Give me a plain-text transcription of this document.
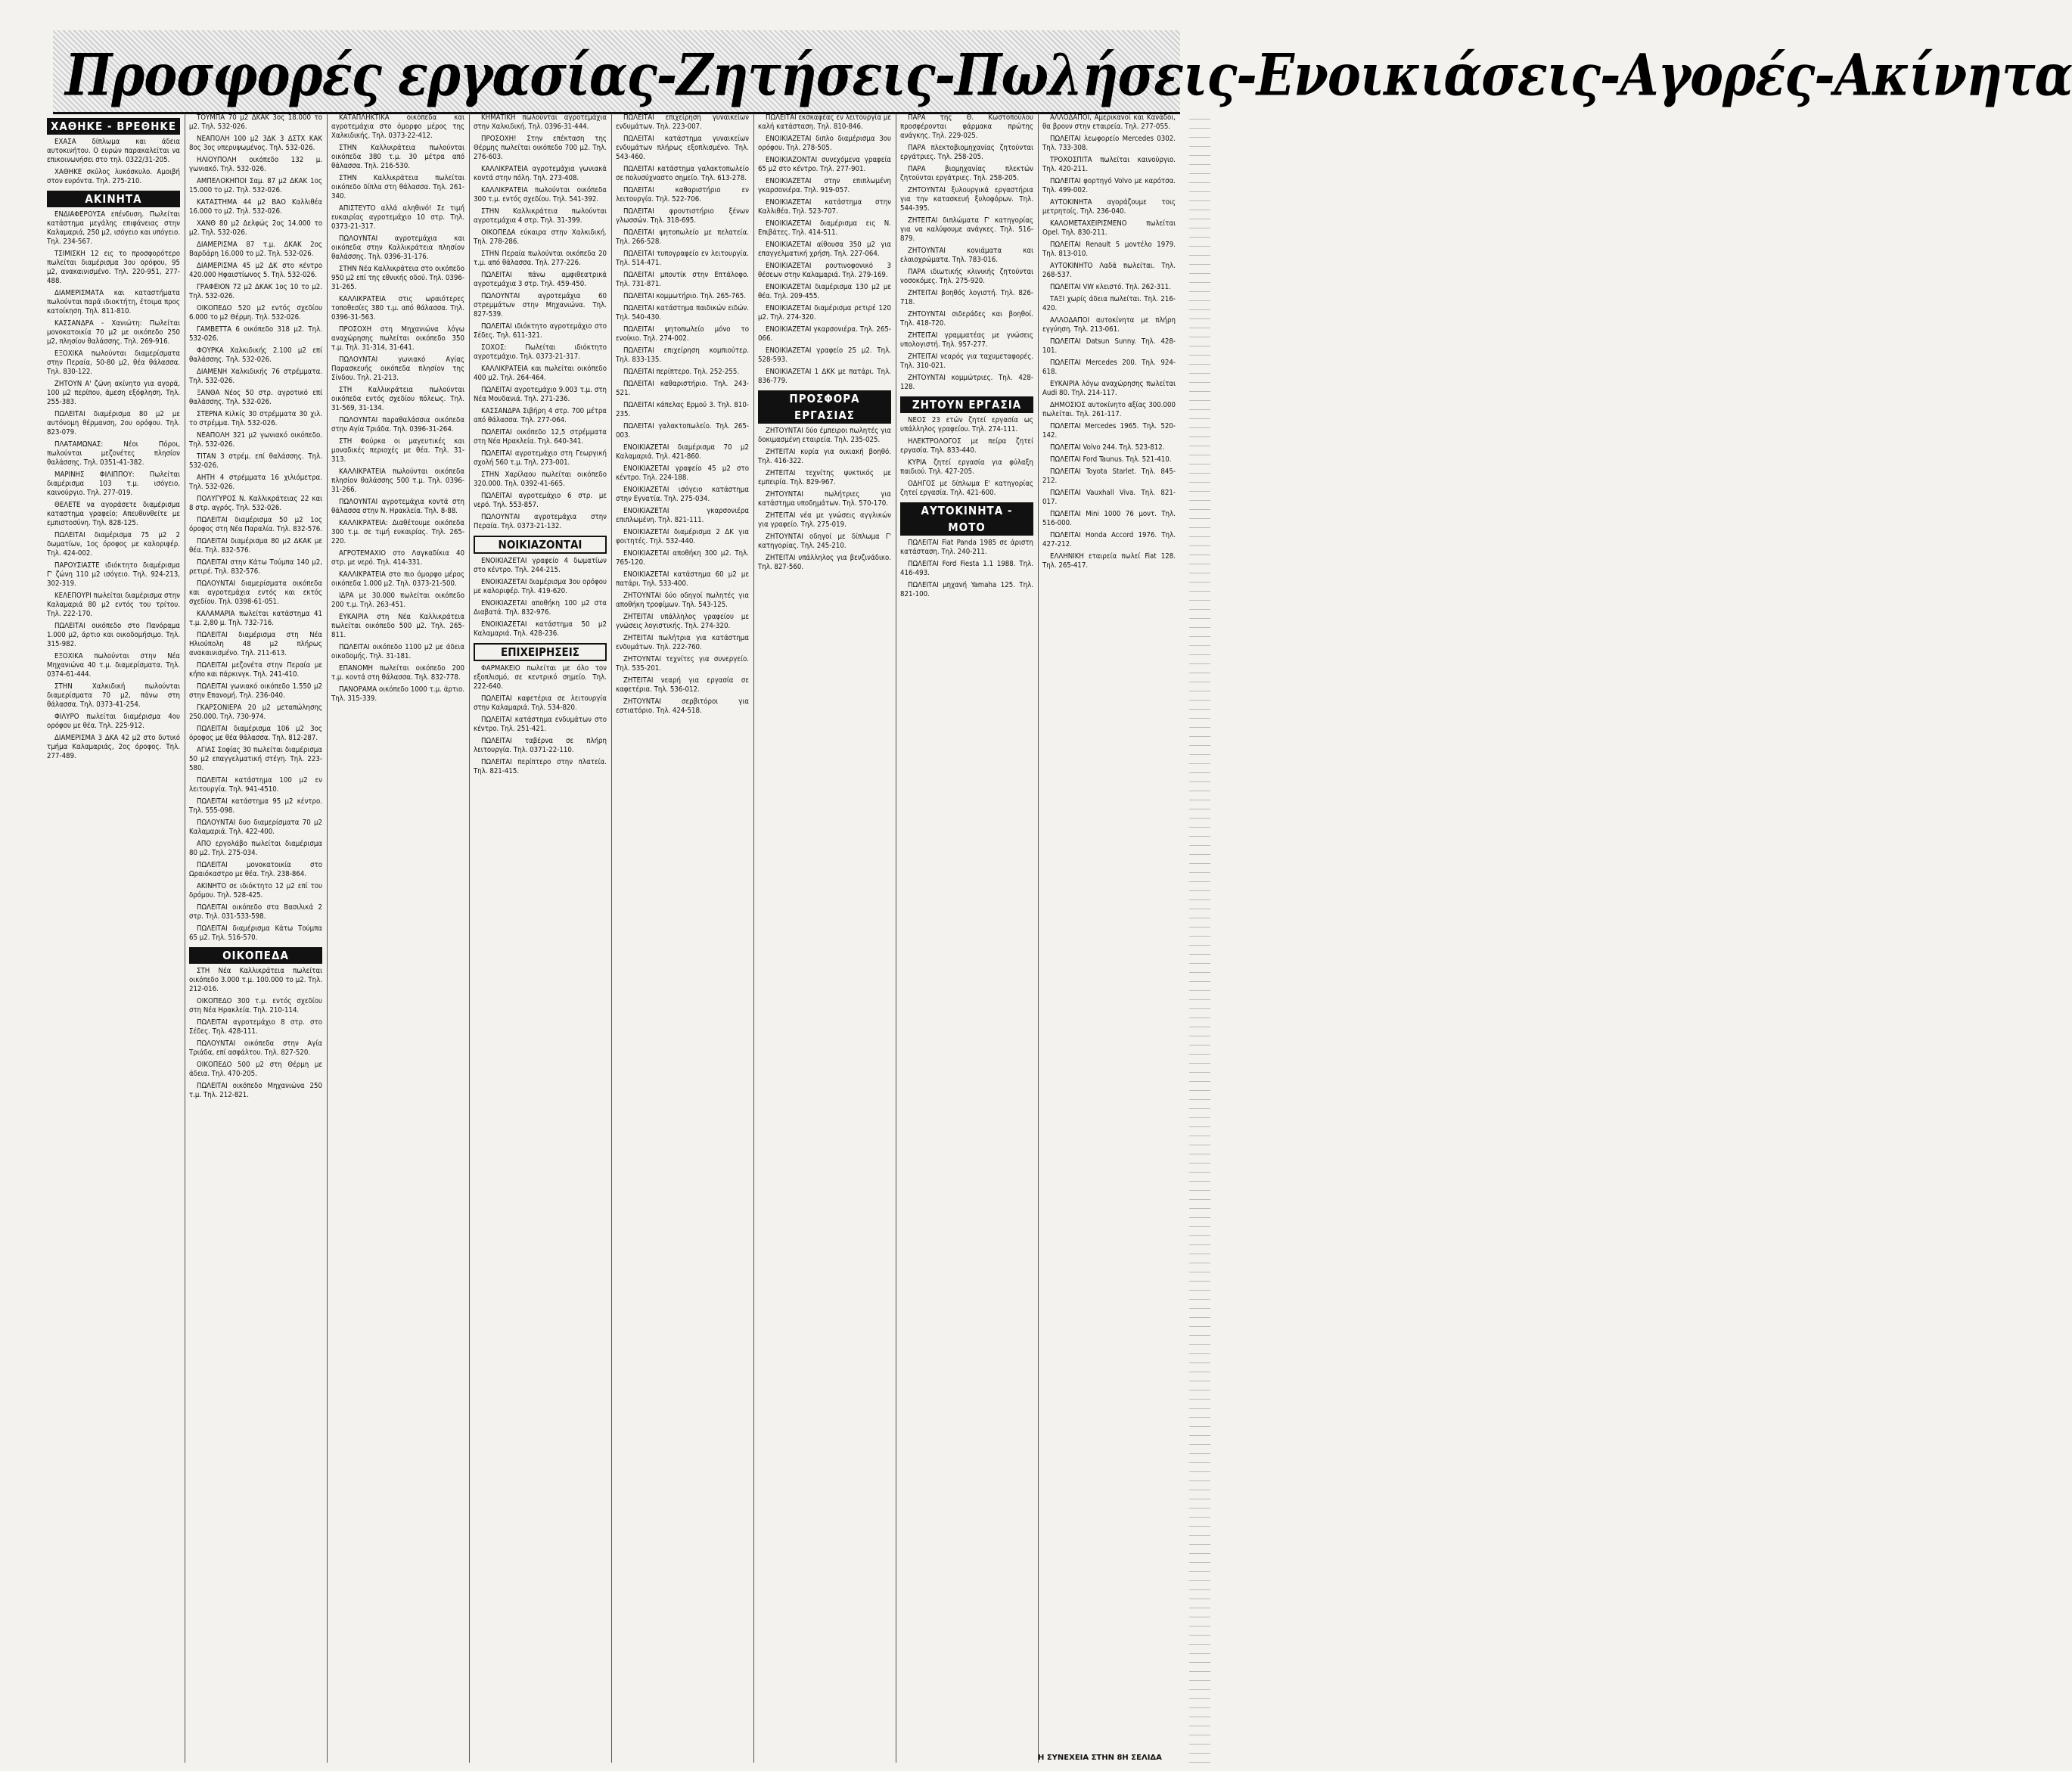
Προσφορές εργασίας-Ζητήσεις-Πωλήσεις-Ενοικιάσεις-Αγορές-Ακίνητα
ΧΑΘΗΚΕ - ΒΡΕΘΗΚΕ
ΕΧΑΣΑ δίπλωμα και άδεια αυτοκινήτου. Ο ευρών παρακαλείται να επικοινωνήσει στο τηλ. 0322/31-205.
ΧΑΘΗΚΕ σκύλος λυκόσκυλο. Αμοιβή στον ευρόντα. Τηλ. 275-210.
ΑΚΙΝΗΤΑ
ΕΝΔΙΑΦΕΡΟΥΣΑ επένδυση. Πωλείται κατάστημα μεγάλης επιφάνειας στην Καλαμαριά, 250 μ2, ισόγειο και υπόγειο. Τηλ. 234-567.
ΤΣΙΜΙΣΚΗ 12 εις το προσφορότερο πωλείται διαμέρισμα 3ου ορόφου, 95 μ2, ανακαινισμένο. Τηλ. 220-951, 277-488.
ΔΙΑΜΕΡΙΣΜΑΤΑ και καταστήματα πωλούνται παρά ιδιοκτήτη, έτοιμα προς κατοίκηση. Τηλ. 811-810.
ΚΑΣΣΑΝΔΡΑ - Χανιώτη: Πωλείται μονοκατοικία 70 μ2 με οικόπεδο 250 μ2, πλησίον θαλάσσης. Τηλ. 269-916.
ΕΞΟΧΙΚΑ πωλούνται διαμερίσματα στην Περαία, 50-80 μ2, θέα θάλασσα. Τηλ. 830-122.
ΖΗΤΟΥΝ Α' ζώνη ακίνητο για αγορά, 100 μ2 περίπου, άμεση εξόφληση. Τηλ. 255-383.
ΠΩΛΕΙΤΑΙ διαμέρισμα 80 μ2 με αυτόνομη θέρμανση, 2ου ορόφου. Τηλ. 823-079.
ΠΛΑΤΑΜΩΝΑΣ: Νέοι Πόροι, πωλούνται μεζονέτες πλησίον θαλάσσης. Τηλ. 0351-41-382.
ΜΑΡΙΝΗΣ ΦΙΛΙΠΠΟΥ: Πωλείται διαμέρισμα 103 τ.μ. ισόγειο, καινούργιο. Τηλ. 277-019.
ΘΕΛΕΤΕ να αγοράσετε διαμέρισμα καταστημα γραφείο; Απευθυνθείτε με εμπιστοσύνη. Τηλ. 828-125.
ΠΩΛΕΙΤΑΙ διαμέρισμα 75 μ2 2 δωματίων, 1ος όροφος με καλοριφέρ. Τηλ. 424-002.
ΠΑΡΟΥΣΙΑΣΤΕ ιδιόκτητο διαμέρισμα Γ' ζώνη 110 μ2 ισόγειο. Τηλ. 924-213, 302-319.
ΚΕΛΕΠΟΥΡΙ πωλείται διαμέρισμα στην Καλαμαριά 80 μ2 εντός του τρίτου. Τηλ. 222-170.
ΠΩΛΕΙΤΑΙ οικόπεδο στο Πανόραμα 1.000 μ2, άρτιο και οικοδομήσιμο. Τηλ. 315-982.
ΕΞΟΧΙΚΑ πωλούνται στην Νέα Μηχανιώνα 40 τ.μ. διαμερίσματα. Τηλ. 0374-61-444.
ΣΤΗΝ Χαλκιδική πωλούνται διαμερίσματα 70 μ2, πάνω στη θάλασσα. Τηλ. 0373-41-254.
ΦΙΛΥΡΟ πωλείται διαμέρισμα 4ου ορόφου με θέα. Τηλ. 225-912.
ΔΙΑΜΕΡΙΣΜΑ 3 ΔΚΑ 42 μ2 στο δυτικό τμήμα Καλαμαριάς, 2ος όροφος. Τηλ. 277-489.
ΤΟΥΜΠΑ 70 μ2 ΔΚΑΚ 3ος 18.000 το μ2. Τηλ. 532-026.
ΝΕΑΠΟΛΗ 100 μ2 3ΔΚ 3 ΔΣΤΧ ΚΑΚ 8ος 3ος υπερυψωμένος. Τηλ. 532-026.
ΗΛΙΟΥΠΟΛΗ οικόπεδο 132 μ. γωνιακό. Τηλ. 532-026.
ΑΜΠΕΛΟΚΗΠΟΙ Σαμ. 87 μ2 ΔΚΑΚ 1ος 15.000 το μ2. Τηλ. 532-026.
ΚΑΤΑΣΤΗΜΑ 44 μ2 ΒΑΟ Καλλιθέα 16.000 το μ2. Τηλ. 532-026.
ΧΑΝΘ 80 μ2 Δελφώς 2ος 14.000 το μ2. Τηλ. 532-026.
ΔΙΑΜΕΡΙΣΜΑ 87 τ.μ. ΔΚΑΚ 2ος Βαρδάρη 16.000 το μ2. Τηλ. 532-026.
ΔΙΑΜΕΡΙΣΜΑ 45 μ2 ΔΚ στο κέντρο 420.000 Ηφαιστίωνος 5. Τηλ. 532-026.
ΓΡΑΦΕΙΟΝ 72 μ2 ΔΚΑΚ 1ος 10 το μ2. Τηλ. 532-026.
ΟΙΚΟΠΕΔΟ 520 μ2 εντός σχεδίου 6.000 το μ2 Θέρμη. Τηλ. 532-026.
ΓΑΜΒΕΤΤΑ 6 οικόπεδο 318 μ2. Τηλ. 532-026.
ΦΟΥΡΚΑ Χαλκιδικής 2.100 μ2 επί θαλάσσης. Τηλ. 532-026.
ΔΙΑΜΕΝΗ Χαλκιδικής 76 στρέμματα. Τηλ. 532-026.
ΞΑΝΘΑ Νέος 50 στρ. αγροτικό επί θαλάσσης. Τηλ. 532-026.
ΣΤΕΡΝΑ Κιλκίς 30 στρέμματα 30 χιλ. το στρέμμα. Τηλ. 532-026.
ΝΕΑΠΟΛΗ 321 μ2 γωνιακό οικόπεδο. Τηλ. 532-026.
ΤΙΤΑΝ 3 στρέμ. επί θαλάσσης. Τηλ. 532-026.
ΑΗΤΗ 4 στρέμματα 16 χιλιόμετρα. Τηλ. 532-026.
ΠΟΛΥΓΥΡΟΣ Ν. Καλλικράτειας 22 και 8 στρ. αγρός. Τηλ. 532-026.
ΠΩΛΕΙΤΑΙ διαμέρισμα 50 μ2 1ος όροφος στη Νέα Παραλία. Τηλ. 832-576.
ΠΩΛΕΙΤΑΙ διαμέρισμα 80 μ2 ΔΚΑΚ με θέα. Τηλ. 832-576.
ΠΩΛΕΙΤΑΙ στην Κάτω Τούμπα 140 μ2, ρετιρέ. Τηλ. 832-576.
ΠΩΛΟΥΝΤΑΙ διαμερίσματα οικόπεδα και αγροτεμάχια εντός και εκτός σχεδίου. Τηλ. 0398-61-051.
ΚΑΛΑΜΑΡΙΑ πωλείται κατάστημα 41 τ.μ. 2,80 μ. Τηλ. 732-716.
ΠΩΛΕΙΤΑΙ διαμέρισμα στη Νέα Ηλιούπολη 48 μ2 πλήρως ανακαινισμένο. Τηλ. 211-613.
ΠΩΛΕΙΤΑΙ μεζονέτα στην Περαία με κήπο και πάρκινγκ. Τηλ. 241-410.
ΠΩΛΕΙΤΑΙ γωνιακό οικόπεδο 1.550 μ2 στην Επανομή. Τηλ. 236-040.
ΓΚΑΡΣΟΝΙΕΡΑ 20 μ2 μεταπώλησης 250.000. Τηλ. 730-974.
ΠΩΛΕΙΤΑΙ διαμέρισμα 106 μ2 3ος όροφος με θέα θάλασσα. Τηλ. 812-287.
ΑΓΙΑΣ Σοφίας 30 πωλείται διαμέρισμα 50 μ2 επαγγελματική στέγη. Τηλ. 223-580.
ΠΩΛΕΙΤΑΙ κατάστημα 100 μ2 εν λειτουργία. Τηλ. 941-4510.
ΠΩΛΕΙΤΑΙ κατάστημα 95 μ2 κέντρο. Τηλ. 555-098.
ΠΩΛΟΥΝΤΑΙ δυο διαμερίσματα 70 μ2 Καλαμαριά. Τηλ. 422-400.
ΑΠΟ εργολάβο πωλείται διαμέρισμα 80 μ2. Τηλ. 275-034.
ΠΩΛΕΙΤΑΙ μονοκατοικία στο Ωραιόκαστρο με θέα. Τηλ. 238-864.
ΑΚΙΝΗΤΟ σε ιδιόκτητο 12 μ2 επί του δρόμου. Τηλ. 528-425.
ΠΩΛΕΙΤΑΙ οικόπεδο στα Βασιλικά 2 στρ. Τηλ. 031-533-598.
ΠΩΛΕΙΤΑΙ διαμέρισμα Κάτω Τούμπα 65 μ2. Τηλ. 516-570.
ΟΙΚΟΠΕΔΑ
ΣΤΗ Νέα Καλλικράτεια πωλείται οικόπεδο 3.000 τ.μ. 100.000 το μ2. Τηλ. 212-016.
ΟΙΚΟΠΕΔΟ 300 τ.μ. εντός σχεδίου στη Νέα Ηρακλεία. Τηλ. 210-114.
ΠΩΛΕΙΤΑΙ αγροτεμάχιο 8 στρ. στο Σέδες. Τηλ. 428-111.
ΠΩΛΟΥΝΤΑΙ οικόπεδα στην Αγία Τριάδα, επί ασφάλτου. Τηλ. 827-520.
ΟΙΚΟΠΕΔΟ 500 μ2 στη Θέρμη με άδεια. Τηλ. 470-205.
ΠΩΛΕΙΤΑΙ οικόπεδο Μηχανιώνα 250 τ.μ. Τηλ. 212-821.
ΚΑΤΑΠΛΗΚΤΙΚΑ οικόπεδα και αγροτεμάχια στο όμορφο μέρος της Χαλκιδικής. Τηλ. 0373-22-412.
ΣΤΗΝ Καλλικράτεια πωλούνται οικόπεδα 380 τ.μ. 30 μέτρα από θάλασσα. Τηλ. 216-530.
ΣΤΗΝ Καλλικράτεια πωλείται οικόπεδο δίπλα στη θάλασσα. Τηλ. 261-340.
ΑΠΙΣΤΕΥΤΟ αλλά αληθινό! Σε τιμή ευκαιρίας αγροτεμάχιο 10 στρ. Τηλ. 0373-21-317.
ΠΩΛΟΥΝΤΑΙ αγροτεμάχια και οικόπεδα στην Καλλικράτεια πλησίον θαλάσσης. Τηλ. 0396-31-176.
ΣΤΗΝ Νέα Καλλικράτεια στο οικόπεδο 950 μ2 επί της εθνικής οδού. Τηλ. 0396-31-265.
ΚΑΛΛΙΚΡΑΤΕΙΑ στις ωραιότερες τοποθεσίες 380 τ.μ. από θάλασσα. Τηλ. 0396-31-563.
ΠΡΟΣΟΧΗ στη Μηχανιώνα λόγω αναχώρησης πωλείται οικόπεδο 350 τ.μ. Τηλ. 31-314, 31-641.
ΠΩΛΟΥΝΤΑΙ γωνιακό Αγίας Παρασκευής οικόπεδα πλησίον της Σίνδου. Τηλ. 21-213.
ΣΤΗ Καλλικράτεια πωλούνται οικόπεδα εντός σχεδίου πόλεως. Τηλ. 31-569, 31-134.
ΠΩΛΟΥΝΤΑΙ παραθαλάσσια οικόπεδα στην Αγία Τριάδα. Τηλ. 0396-31-264.
ΣΤΗ Φούρκα οι μαγευτικές και μοναδικές περιοχές με θέα. Τηλ. 31-313.
ΚΑΛΛΙΚΡΑΤΕΙΑ πωλούνται οικόπεδα πλησίον θαλάσσης 500 τ.μ. Τηλ. 0396-31-266.
ΠΩΛΟΥΝΤΑΙ αγροτεμάχια κοντά στη θάλασσα στην Ν. Ηρακλεία. Τηλ. 8-88.
ΚΑΛΛΙΚΡΑΤΕΙΑ: Διαθέτουμε οικόπεδα 300 τ.μ. σε τιμή ευκαιρίας. Τηλ. 265-220.
ΑΓΡΟΤΕΜΑΧΙΟ στο Λαγκαδίκια 40 στρ. με νερό. Τηλ. 414-331.
ΚΑΛΛΙΚΡΑΤΕΙΑ στο πιο όμορφο μέρος οικόπεδα 1.000 μ2. Τηλ. 0373-21-500.
ΙΔΡΑ με 30.000 πωλείται οικόπεδο 200 τ.μ. Τηλ. 263-451.
ΕΥΚΑΙΡΙΑ στη Νέα Καλλικράτεια πωλείται οικόπεδο 500 μ2. Τηλ. 265-811.
ΠΩΛΕΙΤΑΙ οικόπεδο 1100 μ2 με άδεια οικοδομής. Τηλ. 31-181.
ΕΠΑΝΟΜΗ πωλείται οικόπεδο 200 τ.μ. κοντά στη θάλασσα. Τηλ. 832-778.
ΠΑΝΟΡΑΜΑ οικόπεδο 1000 τ.μ. άρτιο. Τηλ. 315-339.
ΚΗΜΑΤΙΚΗ πωλούνται αγροτεμάχια στην Χαλκιδική. Τηλ. 0396-31-444.
ΠΡΟΣΟΧΗ! Στην επέκταση της Θέρμης πωλείται οικόπεδο 700 μ2. Τηλ. 276-603.
ΚΑΛΛΙΚΡΑΤΕΙΑ αγροτεμάχια γωνιακά κοντά στην πόλη. Τηλ. 273-408.
ΚΑΛΛΙΚΡΑΤΕΙΑ πωλούνται οικόπεδα 300 τ.μ. εντός σχεδίου. Τηλ. 541-392.
ΣΤΗΝ Καλλικράτεια πωλούνται αγροτεμάχια 4 στρ. Τηλ. 31-399.
ΟΙΚΟΠΕΔΑ εύκαιρα στην Χαλκιδική. Τηλ. 278-286.
ΣΤΗΝ Περαία πωλούνται οικόπεδα 20 τ.μ. από θάλασσα. Τηλ. 277-226.
ΠΩΛΕΙΤΑΙ πάνω αμφιθεατρικά αγροτεμάχια 3 στρ. Τηλ. 459-450.
ΠΩΛΟΥΝΤΑΙ αγροτεμάχια 60 στρεμμάτων στην Μηχανιώνα. Τηλ. 827-539.
ΠΩΛΕΙΤΑΙ ιδιόκτητο αγροτεμάχιο στο Σέδες. Τηλ. 611-321.
ΣΟΧΟΣ: Πωλείται ιδιόκτητο αγροτεμάχιο. Τηλ. 0373-21-317.
ΚΑΛΛΙΚΡΑΤΕΙΑ και πωλείται οικόπεδο 400 μ2. Τηλ. 264-464.
ΠΩΛΕΙΤΑΙ αγροτεμάχιο 9.003 τ.μ. στη Νέα Μουδανιά. Τηλ. 271-236.
ΚΑΣΣΑΝΔΡΑ Σιβήρη 4 στρ. 700 μέτρα από θάλασσα. Τηλ. 277-064.
ΠΩΛΕΙΤΑΙ οικόπεδο 12,5 στρέμματα στη Νέα Ηρακλεία. Τηλ. 640-341.
ΠΩΛΕΙΤΑΙ αγροτεμάχιο στη Γεωργική σχολή 560 τ.μ. Τηλ. 273-001.
ΣΤΗΝ Χαρίλαου πωλείται οικόπεδο 320.000. Τηλ. 0392-41-665.
ΠΩΛΕΙΤΑΙ αγροτεμάχιο 6 στρ. με νερό. Τηλ. 553-857.
ΠΩΛΟΥΝΤΑΙ αγροτεμάχια στην Περαία. Τηλ. 0373-21-132.
ΝΟΙΚΙΑΖΟΝΤΑΙ
ΕΝΟΙΚΙΑΖΕΤΑΙ γραφείο 4 δωματίων στο κέντρο. Τηλ. 244-215.
ΕΝΟΙΚΙΑΖΕΤΑΙ διαμέρισμα 3ου ορόφου με καλοριφέρ. Τηλ. 419-620.
ΕΝΟΙΚΙΑΖΕΤΑΙ αποθήκη 100 μ2 στα Διαβατά. Τηλ. 832-976.
ΕΝΟΙΚΙΑΖΕΤΑΙ κατάστημα 50 μ2 Καλαμαριά. Τηλ. 428-236.
ΕΠΙΧΕΙΡΗΣΕΙΣ
ΦΑΡΜΑΚΕΙΟ πωλείται με όλο τον εξοπλισμό, σε κεντρικό σημείο. Τηλ. 222-640.
ΠΩΛΕΙΤΑΙ καφετέρια σε λειτουργία στην Καλαμαριά. Τηλ. 534-820.
ΠΩΛΕΙΤΑΙ κατάστημα ενδυμάτων στο κέντρο. Τηλ. 251-421.
ΠΩΛΕΙΤΑΙ ταβέρνα σε πλήρη λειτουργία. Τηλ. 0371-22-110.
ΠΩΛΕΙΤΑΙ περίπτερο στην πλατεία. Τηλ. 821-415.
ΠΩΛΕΙΤΑΙ επιχείρηση γυναικείων ενδυμάτων. Τηλ. 223-007.
ΠΩΛΕΙΤΑΙ κατάστημα γυναικείων ενδυμάτων πλήρως εξοπλισμένο. Τηλ. 543-460.
ΠΩΛΕΙΤΑΙ κατάστημα γαλακτοπωλείο σε πολυσύχναστο σημείο. Τηλ. 613-278.
ΠΩΛΕΙΤΑΙ καθαριστήριο εν λειτουργία. Τηλ. 522-706.
ΠΩΛΕΙΤΑΙ φροντιστήριο ξένων γλωσσών. Τηλ. 318-695.
ΠΩΛΕΙΤΑΙ ψητοπωλείο με πελατεία. Τηλ. 266-528.
ΠΩΛΕΙΤΑΙ τυπογραφείο εν λειτουργία. Τηλ. 514-471.
ΠΩΛΕΙΤΑΙ μπουτίκ στην Επτάλοφο. Τηλ. 731-871.
ΠΩΛΕΙΤΑΙ κομμωτήριο. Τηλ. 265-765.
ΠΩΛΕΙΤΑΙ κατάστημα παιδικών ειδών. Τηλ. 540-430.
ΠΩΛΕΙΤΑΙ ψητοπωλείο μόνο το ενοίκιο. Τηλ. 274-002.
ΠΩΛΕΙΤΑΙ επιχείρηση κομπιούτερ. Τηλ. 833-135.
ΠΩΛΕΙΤΑΙ περίπτερο. Τηλ. 252-255.
ΠΩΛΕΙΤΑΙ καθαριστήριο. Τηλ. 243-521.
ΠΩΛΕΙΤΑΙ κάπελας Ερμού 3. Τηλ. 810-235.
ΠΩΛΕΙΤΑΙ γαλακτοπωλείο. Τηλ. 265-003.
ΕΝΟΙΚΙΑΖΕΤΑΙ διαμέρισμα 70 μ2 Καλαμαριά. Τηλ. 421-860.
ΕΝΟΙΚΙΑΖΕΤΑΙ γραφείο 45 μ2 στο κέντρο. Τηλ. 224-188.
ΕΝΟΙΚΙΑΖΕΤΑΙ ισόγειο κατάστημα στην Εγνατία. Τηλ. 275-034.
ΕΝΟΙΚΙΑΖΕΤΑΙ γκαρσονιέρα επιπλωμένη. Τηλ. 821-111.
ΕΝΟΙΚΙΑΖΕΤΑΙ διαμέρισμα 2 ΔΚ για φοιτητές. Τηλ. 532-440.
ΕΝΟΙΚΙΑΖΕΤΑΙ αποθήκη 300 μ2. Τηλ. 765-120.
ΕΝΟΙΚΙΑΖΕΤΑΙ κατάστημα 60 μ2 με πατάρι. Τηλ. 533-400.
ΖΗΤΟΥΝΤΑΙ δύο οδηγοί πωλητές για αποθήκη τροφίμων. Τηλ. 543-125.
ΖΗΤΕΙΤΑΙ υπάλληλος γραφείου με γνώσεις λογιστικής. Τηλ. 274-320.
ΖΗΤΕΙΤΑΙ πωλήτρια για κατάστημα ενδυμάτων. Τηλ. 222-760.
ΖΗΤΟΥΝΤΑΙ τεχνίτες για συνεργείο. Τηλ. 535-201.
ΖΗΤΕΙΤΑΙ νεαρή για εργασία σε καφετέρια. Τηλ. 536-012.
ΖΗΤΟΥΝΤΑΙ σερβιτόροι για εστιατόριο. Τηλ. 424-518.
ΠΩΛΕΙΤΑΙ εκσκαφέας εν λειτουργία με καλή κατάσταση. Τηλ. 810-846.
ΕΝΟΙΚΙΑΖΕΤΑΙ διπλο διαμέρισμα 3ου ορόφου. Τηλ. 278-505.
ΕΝΟΙΚΙΑΖΟΝΤΑΙ συνεχόμενα γραφεία 65 μ2 στο κέντρο. Τηλ. 277-901.
ΕΝΟΙΚΙΑΖΕΤΑΙ στην επιπλωμένη γκαρσονιέρα. Τηλ. 919-057.
ΕΝΟΙΚΙΑΖΕΤΑΙ κατάστημα στην Καλλιθέα. Τηλ. 523-707.
ΕΝΟΙΚΙΑΖΕΤΑΙ διαμέρισμα εις Ν. Επιβάτες. Τηλ. 414-511.
ΕΝΟΙΚΙΑΖΕΤΑΙ αίθουσα 350 μ2 για επαγγελματική χρήση. Τηλ. 227-064.
ΕΝΟΙΚΙΑΖΕΤΑΙ ρουτινοφονικό 3 θέσεων στην Καλαμαριά. Τηλ. 279-169.
ΕΝΟΙΚΙΑΖΕΤΑΙ διαμέρισμα 130 μ2 με θέα. Τηλ. 209-455.
ΕΝΟΙΚΙΑΖΕΤΑΙ διαμέρισμα ρετιρέ 120 μ2. Τηλ. 274-320.
ΕΝΟΙΚΙΑΖΕΤΑΙ γκαρσονιέρα. Τηλ. 265-066.
ΕΝΟΙΚΙΑΖΕΤΑΙ γραφείο 25 μ2. Τηλ. 528-593.
ΕΝΟΙΚΙΑΖΕΤΑΙ 1 ΔΚΚ με πατάρι. Τηλ. 836-779.
ΠΡΟΣΦΟΡΑ ΕΡΓΑΣΙΑΣ
ΖΗΤΟΥΝΤΑΙ δύο έμπειροι πωλητές για δοκιμασμένη εταιρεία. Τηλ. 235-025.
ΖΗΤΕΙΤΑΙ κυρία για οικιακή βοηθό. Τηλ. 416-322.
ΖΗΤΕΙΤΑΙ τεχνίτης ψυκτικός με εμπειρία. Τηλ. 829-967.
ΖΗΤΟΥΝΤΑΙ πωλήτριες για κατάστημα υποδημάτων. Τηλ. 570-170.
ΖΗΤΕΙΤΑΙ νέα με γνώσεις αγγλικών για γραφείο. Τηλ. 275-019.
ΖΗΤΟΥΝΤΑΙ οδηγοί με δίπλωμα Γ' κατηγορίας. Τηλ. 245-210.
ΖΗΤΕΙΤΑΙ υπάλληλος για βενζινάδικο. Τηλ. 827-560.
ΠΑΡΑ της Θ. Κωστοπούλου προσφέρονται φάρμακα πρώτης ανάγκης. Τηλ. 229-025.
ΠΑΡΑ πλεκτοβιομηχανίας ζητούνται εργάτριες. Τηλ. 258-205.
ΠΑΡΑ βιομηχανίας πλεκτών ζητούνται εργάτριες. Τηλ. 258-205.
ΖΗΤΟΥΝΤΑΙ ξυλουργικά εργαστήρια για την κατασκευή ξυλοφόρων. Τηλ. 544-395.
ΖΗΤΕΙΤΑΙ διπλώματα Γ' κατηγορίας για να καλύψουμε ανάγκες. Τηλ. 516-879.
ΖΗΤΟΥΝΤΑΙ κονιάματα και ελαιοχρώματα. Τηλ. 783-016.
ΠΑΡΑ ιδιωτικής κλινικής ζητούνται νοσοκόμες. Τηλ. 275-920.
ΖΗΤΕΙΤΑΙ βοηθός λογιστή. Τηλ. 826-718.
ΖΗΤΟΥΝΤΑΙ σιδεράδες και βοηθοί. Τηλ. 418-720.
ΖΗΤΕΙΤΑΙ γραμματέας με γνώσεις υπολογιστή. Τηλ. 957-277.
ΖΗΤΕΙΤΑΙ νεαρός για ταχυμεταφορές. Τηλ. 310-021.
ΖΗΤΟΥΝΤΑΙ κομμώτριες. Τηλ. 428-128.
ΖΗΤΟΥΝ ΕΡΓΑΣΙΑ
ΝΕΟΣ 23 ετών ζητεί εργασία ως υπάλληλος γραφείου. Τηλ. 274-111.
ΗΛΕΚΤΡΟΛΟΓΟΣ με πείρα ζητεί εργασία. Τηλ. 833-440.
ΚΥΡΙΑ ζητεί εργασία για φύλαξη παιδιού. Τηλ. 427-205.
ΟΔΗΓΟΣ με δίπλωμα Ε' κατηγορίας ζητεί εργασία. Τηλ. 421-600.
ΑΥΤΟΚΙΝΗΤΑ - ΜΟΤΟ
ΠΩΛΕΙΤΑΙ Fiat Panda 1985 σε άριστη κατάσταση. Τηλ. 240-211.
ΠΩΛΕΙΤΑΙ Ford Fiesta 1.1 1988. Τηλ. 416-493.
ΠΩΛΕΙΤΑΙ μηχανή Yamaha 125. Τηλ. 821-100.
ΑΛΛΟΔΑΠΟΙ, Αμερικανοί και Κανάδοι, θα βρουν στην εταιρεία. Τηλ. 277-055.
ΠΩΛΕΙΤΑΙ λεωφορείο Mercedes 0302. Τηλ. 733-308.
ΤΡΟΧΟΣΠΙΤΑ πωλείται καινούργιο. Τηλ. 420-211.
ΠΩΛΕΙΤΑΙ φορτηγό Volvo με καρότσα. Τηλ. 499-002.
ΑΥΤΟΚΙΝΗΤΑ αγοράζουμε τοις μετρητοίς. Τηλ. 236-040.
ΚΑΛΟΜΕΤΑΧΕΙΡΙΣΜΕΝΟ πωλείται Opel. Τηλ. 830-211.
ΠΩΛΕΙΤΑΙ Renault 5 μοντέλο 1979. Τηλ. 813-010.
ΑΥΤΟΚΙΝΗΤΟ Λαδά πωλείται. Τηλ. 268-537.
ΠΩΛΕΙΤΑΙ VW κλειστό. Τηλ. 262-311.
ΤΑΞΙ χωρίς άδεια πωλείται. Τηλ. 216-420.
ΑΛΛΟΔΑΠΟΙ αυτοκίνητα με πλήρη εγγύηση. Τηλ. 213-061.
ΠΩΛΕΙΤΑΙ Datsun Sunny. Τηλ. 428-101.
ΠΩΛΕΙΤΑΙ Mercedes 200. Τηλ. 924-618.
ΕΥΚΑΙΡΙΑ λόγω αναχώρησης πωλείται Audi 80. Τηλ. 214-117.
ΔΗΜΟΣΙΟΣ αυτοκίνητο αξίας 300.000 πωλείται. Τηλ. 261-117.
ΠΩΛΕΙΤΑΙ Mercedes 1965. Τηλ. 520-142.
ΠΩΛΕΙΤΑΙ Volvo 244. Τηλ. 523-812.
ΠΩΛΕΙΤΑΙ Ford Taunus. Τηλ. 521-410.
ΠΩΛΕΙΤΑΙ Toyota Starlet. Τηλ. 845-212.
ΠΩΛΕΙΤΑΙ Vauxhall Viva. Τηλ. 821-017.
ΠΩΛΕΙΤΑΙ Mini 1000 76 μοντ. Τηλ. 516-000.
ΠΩΛΕΙΤΑΙ Honda Accord 1976. Τηλ. 427-212.
ΕΛΛΗΝΙΚΗ εταιρεία πωλεί Fiat 128. Τηλ. 265-417.
Η ΣΥΝΕΧΕΙΑ ΣΤΗΝ 8Η ΣΕΛΙΔΑ
